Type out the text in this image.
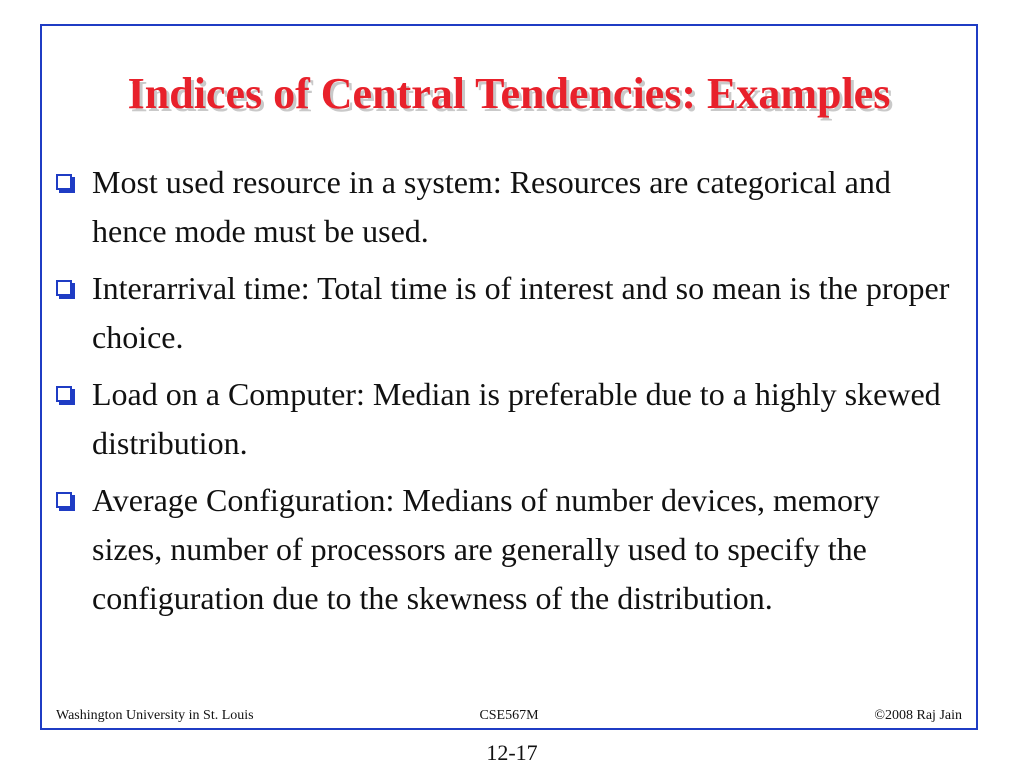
Indices of Central Tendencies: Examples
Most used resource in a system: Resources are categorical and hence mode must be used.
Interarrival time: Total time is of interest and so mean is the proper choice.
Load on a Computer: Median is preferable due to a highly skewed distribution.
Average Configuration: Medians of number devices, memory sizes, number of processors are generally used to specify the configuration due to the skewness of the distribution.
Washington University in St. Louis	CSE567M	©2008 Raj Jain
12-17
